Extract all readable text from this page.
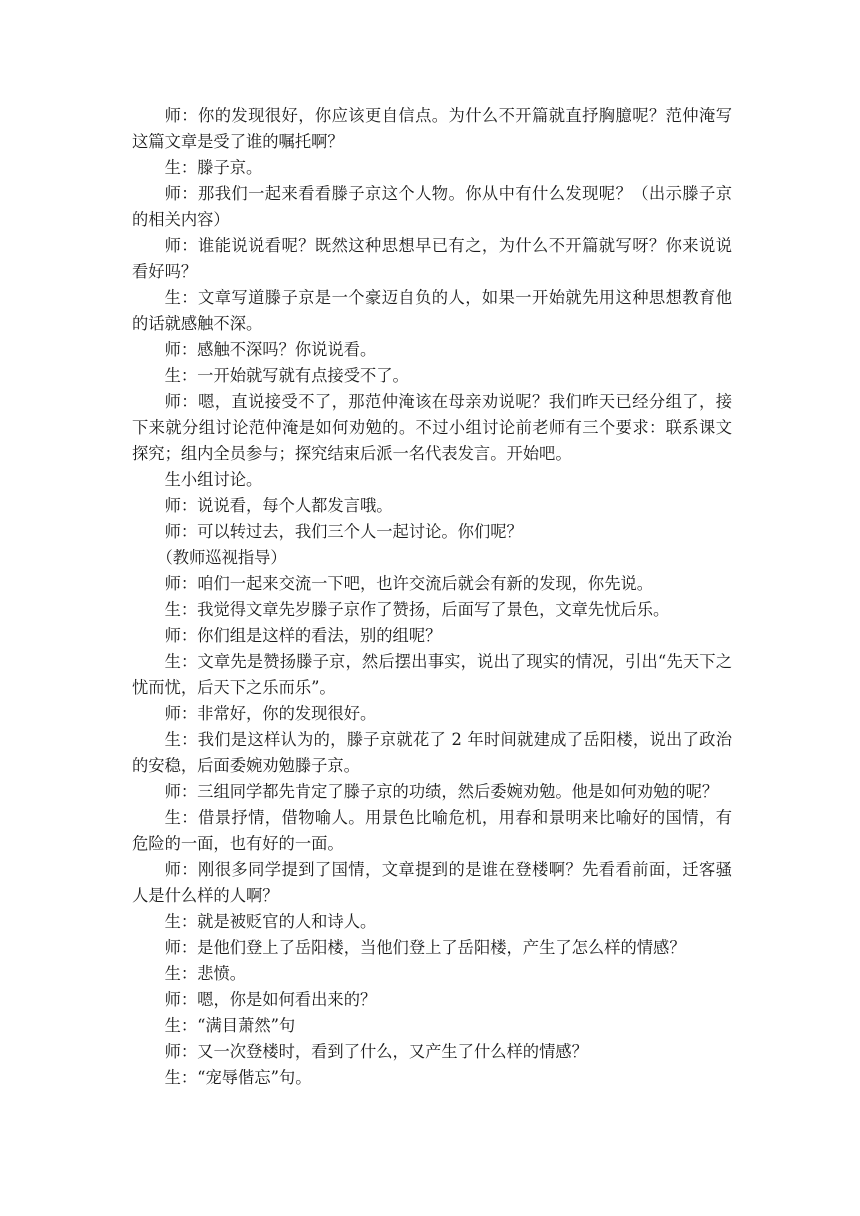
师：你的发现很好，你应该更自信点。为什么不开篇就直抒胸臆呢？范仲淹写这篇文章是受了谁的嘱托啊？

生：滕子京。

师：那我们一起来看看滕子京这个人物。你从中有什么发现呢？（出示滕子京的相关内容）

师：谁能说说看呢？既然这种思想早已有之，为什么不开篇就写呀？你来说说看好吗？

生：文章写道滕子京是一个豪迈自负的人，如果一开始就先用这种思想教育他的话就感触不深。

师：感触不深吗？你说说看。

生：一开始就写就有点接受不了。

师：嗯，直说接受不了，那范仲淹该在母亲劝说呢？我们昨天已经分组了，接下来就分组讨论范仲淹是如何劝勉的。不过小组讨论前老师有三个要求：联系课文探究；组内全员参与；探究结束后派一名代表发言。开始吧。

生小组讨论。

师：说说看，每个人都发言哦。

师：可以转过去，我们三个人一起讨论。你们呢？

（教师巡视指导）

师：咱们一起来交流一下吧，也许交流后就会有新的发现，你先说。

生：我觉得文章先岁滕子京作了赞扬，后面写了景色，文章先忧后乐。

师：你们组是这样的看法，别的组呢？

生：文章先是赞扬滕子京，然后摆出事实，说出了现实的情况，引出“先天下之忧而忧，后天下之乐而乐”。

师：非常好，你的发现很好。

生：我们是这样认为的，滕子京就花了 2 年时间就建成了岳阳楼，说出了政治的安稳，后面委婉劝勉滕子京。

师：三组同学都先肯定了滕子京的功绩，然后委婉劝勉。他是如何劝勉的呢？

生：借景抒情，借物喻人。用景色比喻危机，用春和景明来比喻好的国情，有危险的一面，也有好的一面。

师：刚很多同学提到了国情，文章提到的是谁在登楼啊？先看看前面，迁客骚人是什么样的人啊？

生：就是被贬官的人和诗人。

师：是他们登上了岳阳楼，当他们登上了岳阳楼，产生了怎么样的情感？

生：悲愤。

师：嗯，你是如何看出来的？

生：“满目萧然”句

师：又一次登楼时，看到了什么，又产生了什么样的情感？

生：“宠辱偕忘”句。
